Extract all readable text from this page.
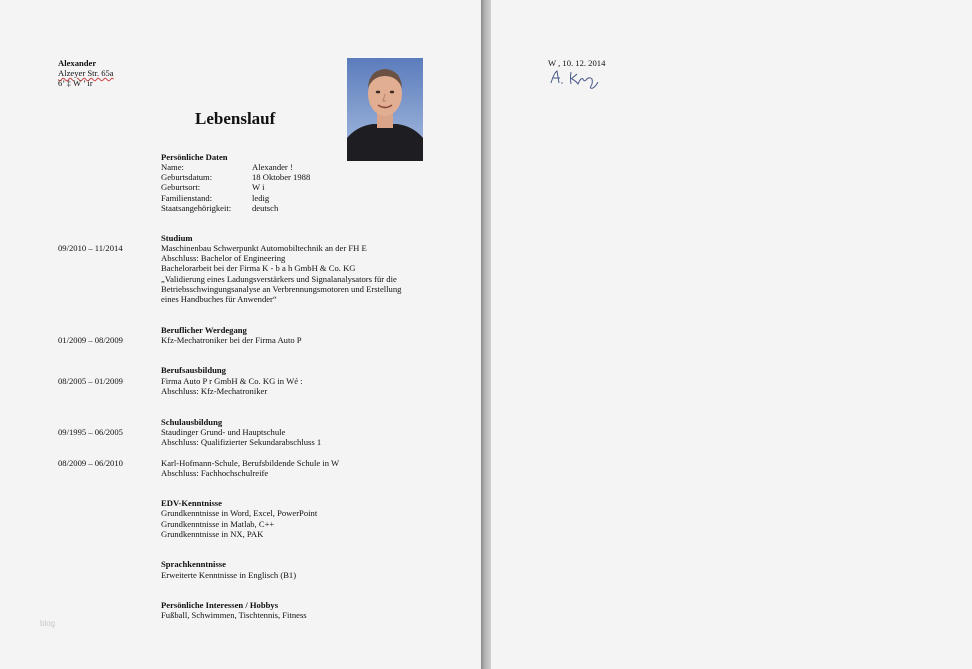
Alexander
Alzeyer Str. 65a
6’ ‡ W ’ ir
Lebenslauf
Persönliche Daten
Name:	Alexander !
Geburtsdatum:	18 Oktober 1988
Geburtsort:	W i
Familienstand:	ledig
Staatsangehörigkeit: deutsch
Studium
09/2010 – 11/2014	Maschinenbau Schwerpunkt Automobiltechnik an der FH E
Abschluss: Bachelor of Engineering
Bachelorarbeit bei der Firma K - b a h GmbH & Co. KG
„Validierung eines Ladungsverstärkers und Signalanalysators für die
Betriebsschwingungsanalyse an Verbrennungsmotoren und Erstellung
eines Handbuches für Anwender“
Beruflicher Werdegang
01/2009 – 08/2009	Kfz-Mechatroniker bei der Firma Auto P
Berufsausbildung
08/2005 – 01/2009	Firma Auto P r GmbH & Co. KG in Wé :
Abschluss: Kfz-Mechatroniker
Schulausbildung
09/1995 – 06/2005	Staudinger Grund- und Hauptschule
Abschluss: Qualifizierter Sekundarabschluss 1
08/2009 – 06/2010	Karl-Hofmann-Schule, Berufsbildende Schule in W
Abschluss: Fachhochschulreife
EDV-Kenntnisse
Grundkenntnisse in Word, Excel, PowerPoint
Grundkenntnisse in Matlab, C++
Grundkenntnisse in NX, PAK
Sprachkenntnisse
Erweiterte Kenntnisse in Englisch (B1)
Persönliche Interessen / Hobbys
Fußball, Schwimmen, Tischtennis, Fitness
blog
W , 10. 12. 2014
